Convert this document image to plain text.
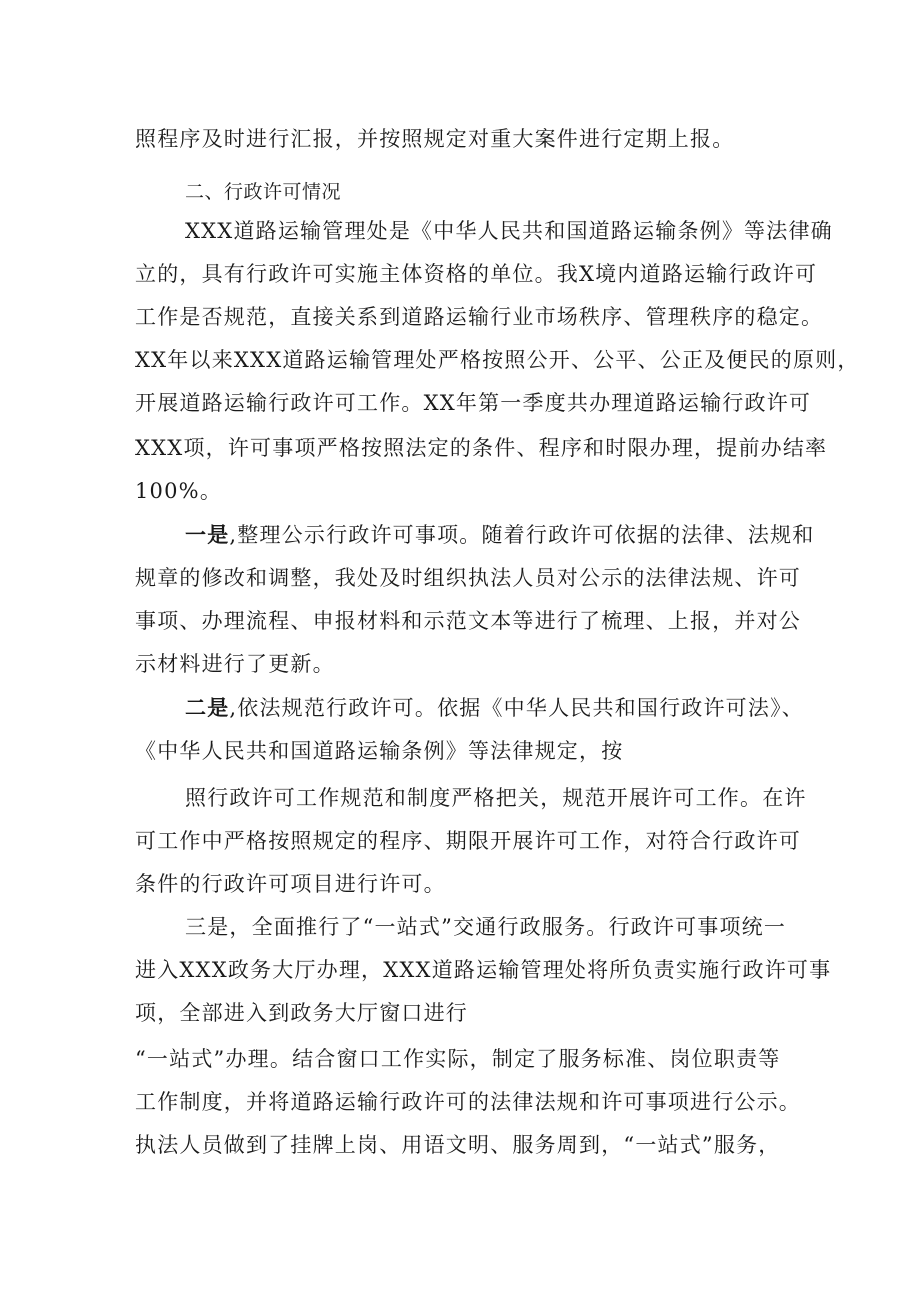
照程序及时进行汇报，并按照规定对重大案件进行定期上报。
二、行政许可情况
XXX道路运输管理处是《中华人民共和国道路运输条例》等法律确
立的，具有行政许可实施主体资格的单位。我X境内道路运输行政许可
工作是否规范，直接关系到道路运输行业市场秩序、管理秩序的稳定。
XX年以来XXX道路运输管理处严格按照公开、公平、公正及便民的原则，
开展道路运输行政许可工作。XX年第一季度共办理道路运输行政许可
XXX项，许可事项严格按照法定的条件、程序和时限办理，提前办结率
100%。
一是,整理公示行政许可事项。随着行政许可依据的法律、法规和
规章的修改和调整，我处及时组织执法人员对公示的法律法规、许可
事项、办理流程、申报材料和示范文本等进行了梳理、上报，并对公
示材料进行了更新。
二是,依法规范行政许可。依据《中华人民共和国行政许可法》、
《中华人民共和国道路运输条例》等法律规定，按
照行政许可工作规范和制度严格把关，规范开展许可工作。在许
可工作中严格按照规定的程序、期限开展许可工作，对符合行政许可
条件的行政许可项目进行许可。
三是，全面推行了“一站式”交通行政服务。行政许可事项统一
进入XXX政务大厅办理，XXX道路运输管理处将所负责实施行政许可事
项，全部进入到政务大厅窗口进行
“一站式”办理。结合窗口工作实际，制定了服务标准、岗位职责等
工作制度，并将道路运输行政许可的法律法规和许可事项进行公示。
执法人员做到了挂牌上岗、用语文明、服务周到，“一站式”服务，
